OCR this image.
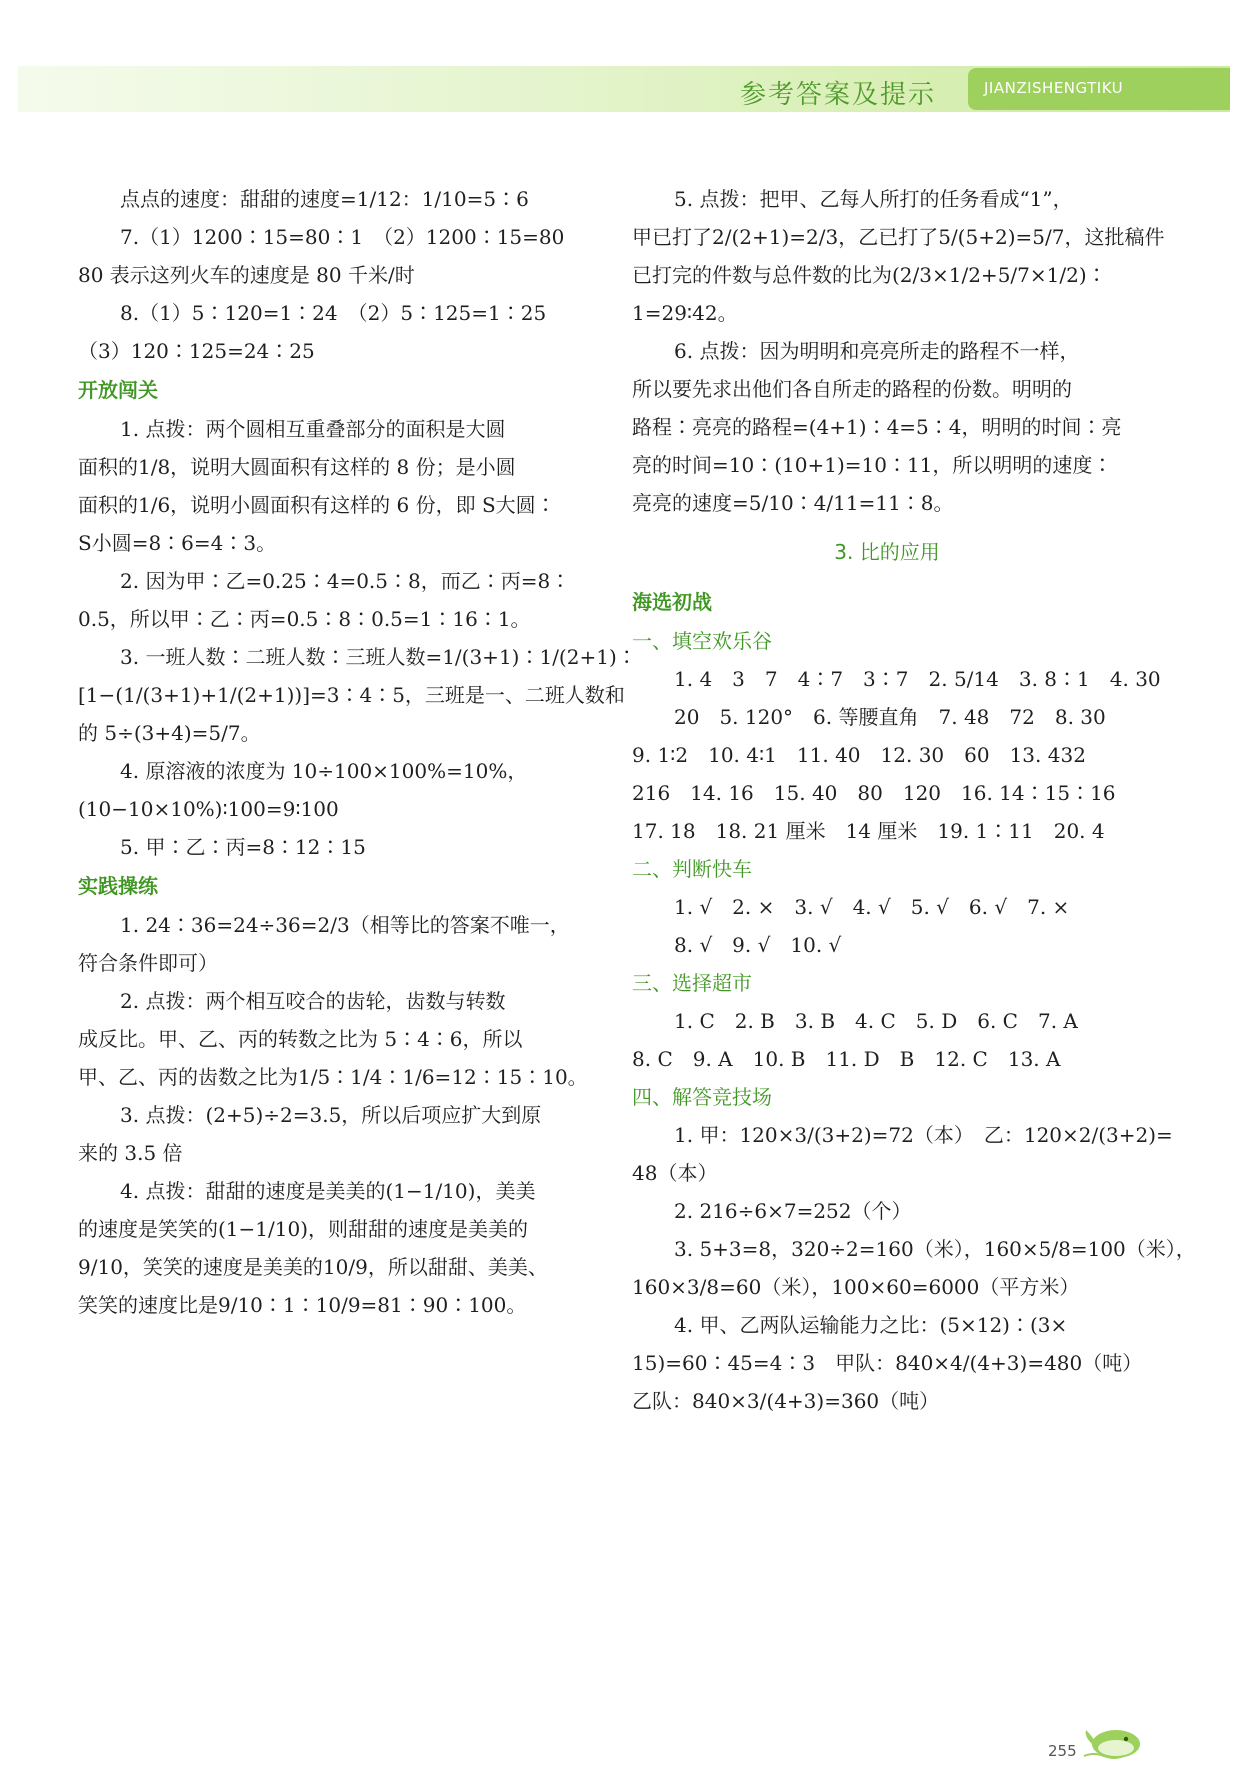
参考答案及提示	JIANZISHENGTIKU

点点的速度：甜甜的速度=1/12：1/10=5∶6

7.（1）1200∶15=80∶1　（2）1200∶15=80

80 表示这列火车的速度是 80 千米/时

8.（1）5∶120=1∶24　（2）5∶125=1∶25

（3）120∶125=24∶25

开放闯关

1. 点拨：两个圆相互重叠部分的面积是大圆

面积的1/8，说明大圆面积有这样的 8 份；是小圆

面积的1/6，说明小圆面积有这样的 6 份，即 S大圆∶

S小圆=8∶6=4∶3。

2. 因为甲∶乙=0.25∶4=0.5∶8，而乙∶丙=8∶

0.5，所以甲∶乙∶丙=0.5∶8∶0.5=1∶16∶1。

3. 一班人数∶二班人数∶三班人数=1/(3+1)∶1/(2+1)∶

[1−(1/(3+1)+1/(2+1))]=3∶4∶5，三班是一、二班人数和

的 5÷(3+4)=5/7。

4. 原溶液的浓度为 10÷100×100%=10%，

(10−10×10%)∶100=9∶100

5. 甲∶乙∶丙=8∶12∶15

实践操练

1. 24∶36=24÷36=2/3（相等比的答案不唯一，

符合条件即可）

2. 点拨：两个相互咬合的齿轮，齿数与转数

成反比。甲、乙、丙的转数之比为 5∶4∶6，所以

甲、乙、丙的齿数之比为1/5∶1/4∶1/6=12∶15∶10。

3. 点拨：(2+5)÷2=3.5，所以后项应扩大到原

来的 3.5 倍

4. 点拨：甜甜的速度是美美的(1−1/10)，美美

的速度是笑笑的(1−1/10)，则甜甜的速度是美美的

9/10，笑笑的速度是美美的10/9，所以甜甜、美美、

笑笑的速度比是9/10∶1∶10/9=81∶90∶100。

5. 点拨：把甲、乙每人所打的任务看成“1”，

甲已打了2/(2+1)=2/3，乙已打了5/(5+2)=5/7，这批稿件

已打完的件数与总件数的比为(2/3×1/2+5/7×1/2)∶

1=29∶42。

6. 点拨：因为明明和亮亮所走的路程不一样，

所以要先求出他们各自所走的路程的份数。明明的

路程∶亮亮的路程=(4+1)∶4=5∶4，明明的时间∶亮

亮的时间=10∶(10+1)=10∶11，所以明明的速度∶

亮亮的速度=5/10∶4/11=11∶8。

3. 比的应用

海选初战

一、填空欢乐谷

1. 4　3　7　4∶7　3∶7　2. 5/14　3. 8∶1　4. 30

20　5. 120°　6. 等腰直角　7. 48　72　8. 30

9. 1∶2　10. 4∶1　11. 40　12. 30　60　13. 432

216　14. 16　15. 40　80　120　16. 14∶15∶16

17. 18　18. 21 厘米　14 厘米　19. 1∶11　20. 4

二、判断快车

1. √　2. ×　3. √　4. √　5. √　6. √　7. ×

8. √　9. √　10. √

三、选择超市

1. C　2. B　3. B　4. C　5. D　6. C　7. A

8. C　9. A　10. B　11. D　B　12. C　13. A

四、解答竞技场

1. 甲：120×3/(3+2)=72（本）　乙：120×2/(3+2)=

48（本）

2. 216÷6×7=252（个）

3. 5+3=8，320÷2=160（米），160×5/8=100（米），

160×3/8=60（米），100×60=6000（平方米）

4. 甲、乙两队运输能力之比：(5×12)∶(3×

15)=60∶45=4∶3　甲队：840×4/(4+3)=480（吨）

乙队：840×3/(4+3)=360（吨）

255
